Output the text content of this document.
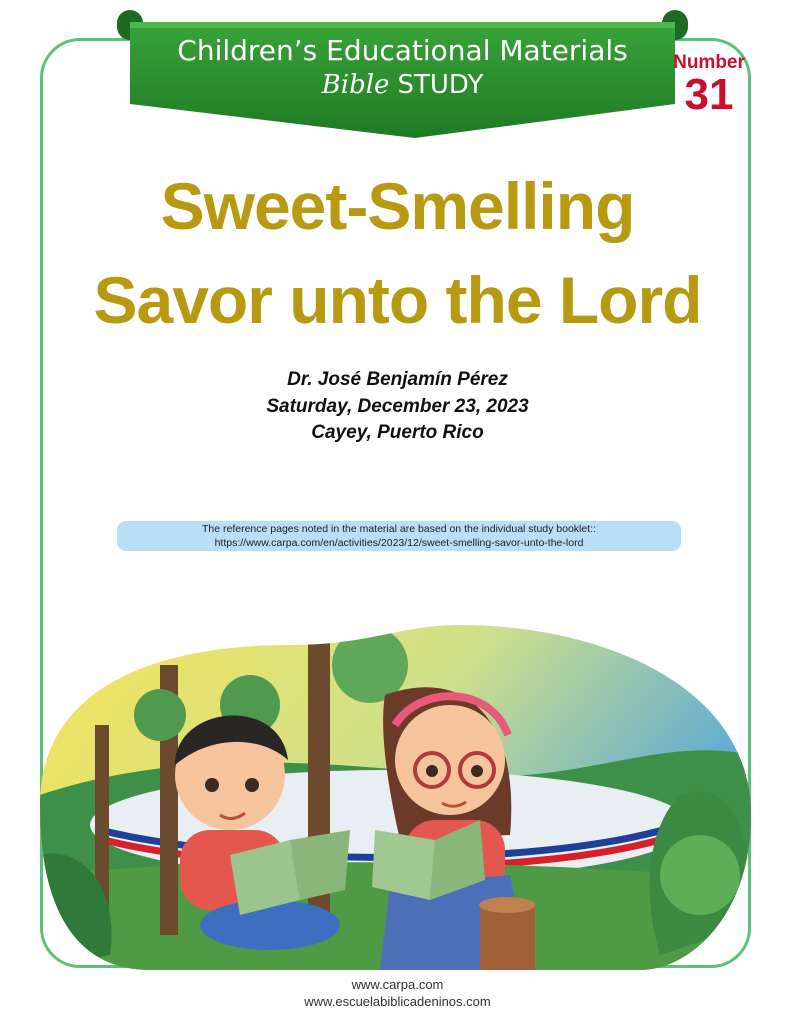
Children’s Educational Materials
Bible STUDY
Number
31
Sweet-Smelling
Savor unto the Lord
Dr. José Benjamín Pérez
Saturday, December 23, 2023
Cayey, Puerto Rico
The reference pages noted in the material are based on the individual study booklet::
https://www.carpa.com/en/activities/2023/12/sweet-smelling-savor-unto-the-lord
www.carpa.com
www.escuelabiblicadeninos.com
